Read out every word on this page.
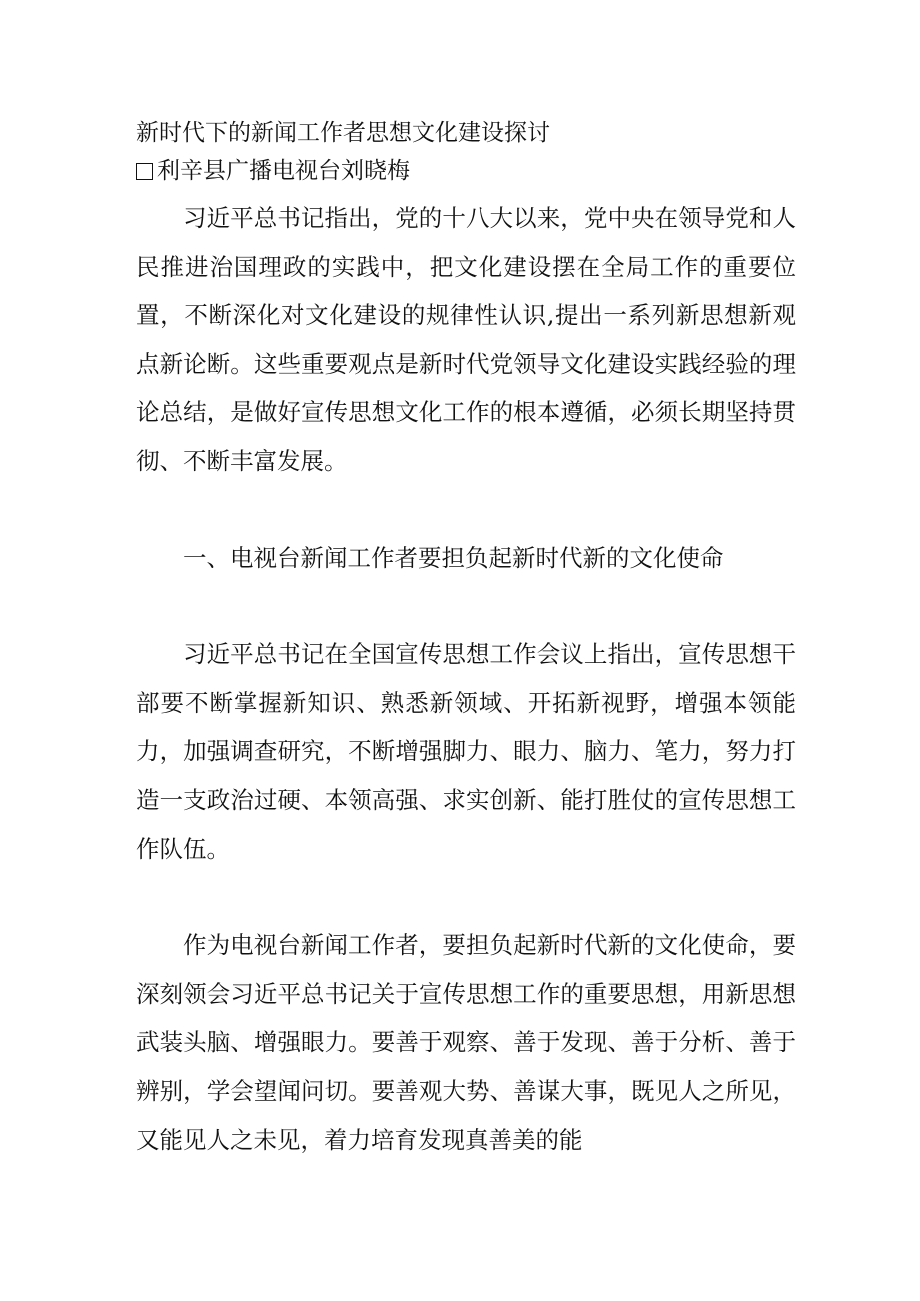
新时代下的新闻工作者思想文化建设探讨

利辛县广播电视台刘晓梅

习近平总书记指出，党的十八大以来，党中央在领导党和人民推进治国理政的实践中，把文化建设摆在全局工作的重要位置，不断深化对文化建设的规律性认识,提出一系列新思想新观点新论断。这些重要观点是新时代党领导文化建设实践经验的理论总结，是做好宣传思想文化工作的根本遵循，必须长期坚持贯彻、不断丰富发展。

一、电视台新闻工作者要担负起新时代新的文化使命

习近平总书记在全国宣传思想工作会议上指出，宣传思想干部要不断掌握新知识、熟悉新领域、开拓新视野，增强本领能力，加强调查研究，不断增强脚力、眼力、脑力、笔力，努力打造一支政治过硬、本领高强、求实创新、能打胜仗的宣传思想工作队伍。

作为电视台新闻工作者，要担负起新时代新的文化使命，要深刻领会习近平总书记关于宣传思想工作的重要思想，用新思想武装头脑、增强眼力。要善于观察、善于发现、善于分析、善于辨别，学会望闻问切。要善观大势、善谋大事，既见人之所见，又能见人之未见，着力培育发现真善美的能
